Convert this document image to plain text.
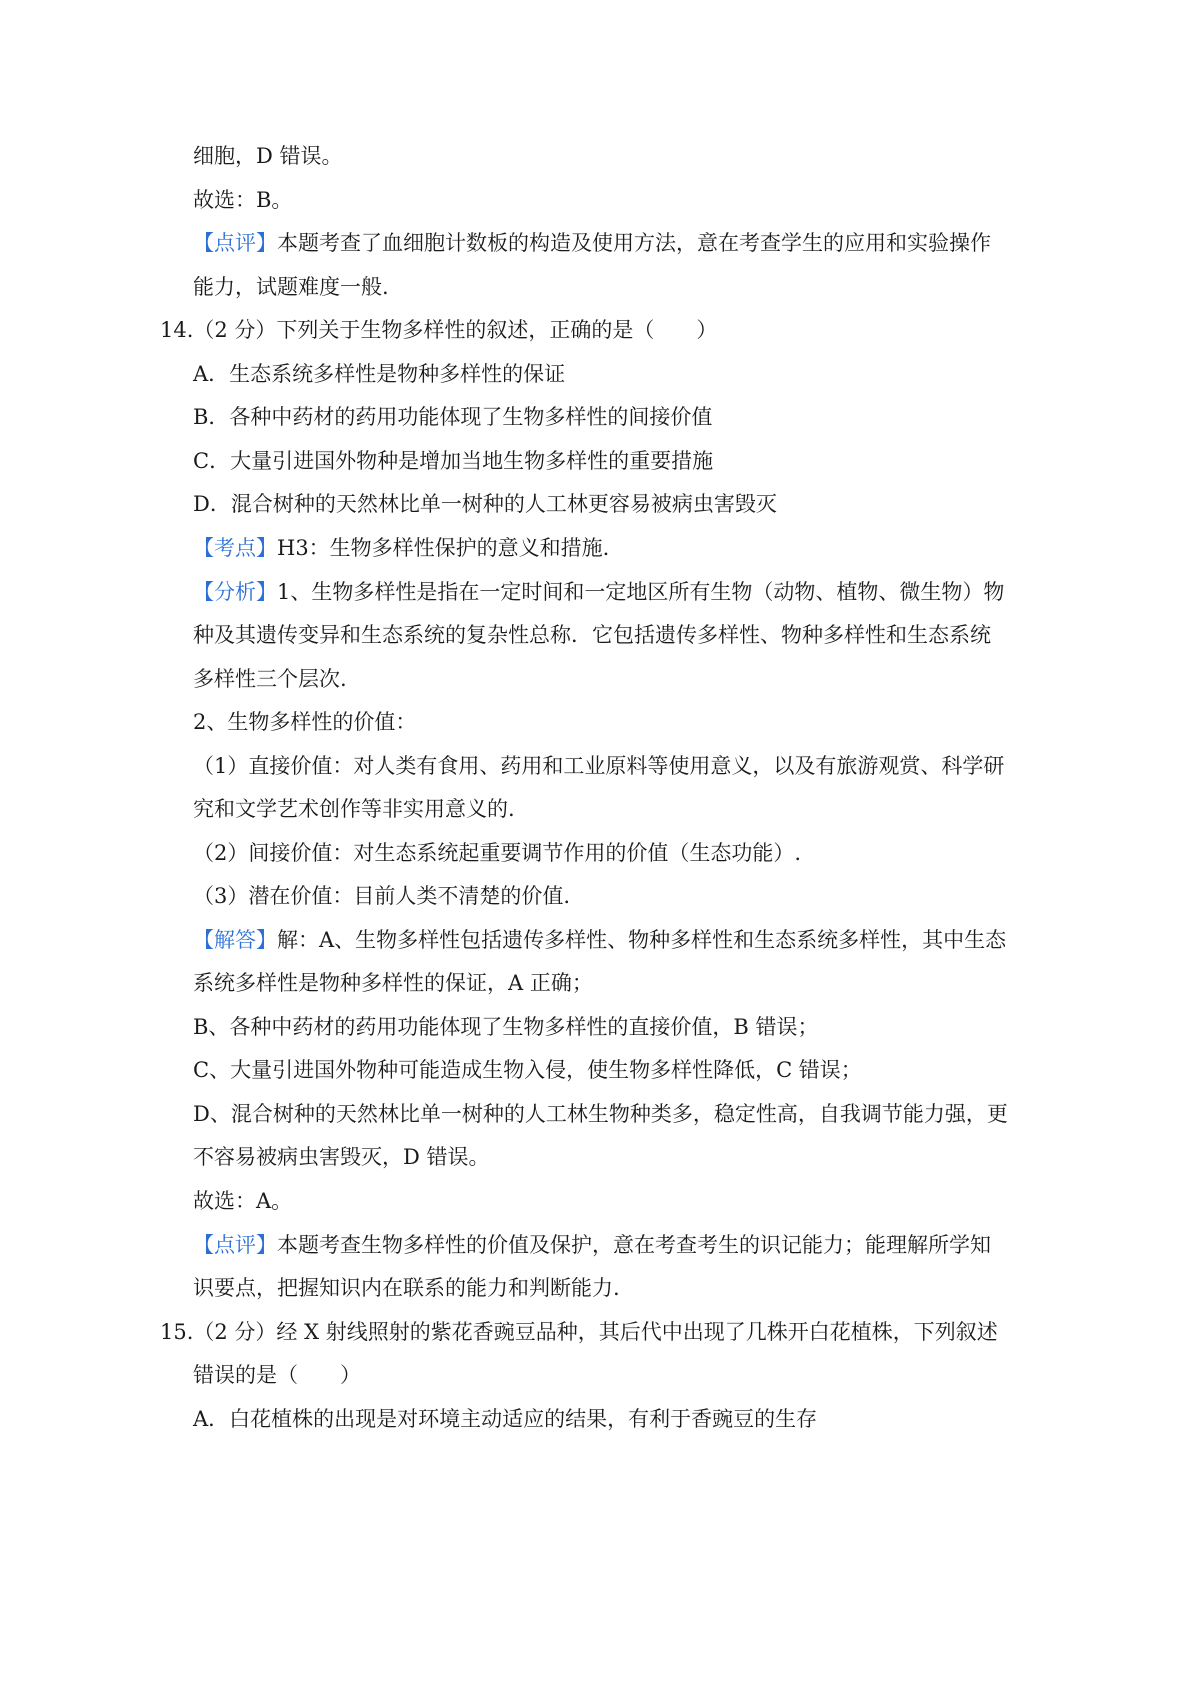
细胞，D 错误。
故选：B。
【点评】本题考查了血细胞计数板的构造及使用方法，意在考查学生的应用和实验操作
能力，试题难度一般.
14.（2 分）下列关于生物多样性的叙述，正确的是（　　）
A．生态系统多样性是物种多样性的保证
B．各种中药材的药用功能体现了生物多样性的间接价值
C．大量引进国外物种是增加当地生物多样性的重要措施
D．混合树种的天然林比单一树种的人工林更容易被病虫害毁灭
【考点】H3：生物多样性保护的意义和措施.
【分析】1、生物多样性是指在一定时间和一定地区所有生物（动物、植物、微生物）物
种及其遗传变异和生态系统的复杂性总称．它包括遗传多样性、物种多样性和生态系统
多样性三个层次.
2、生物多样性的价值：
（1）直接价值：对人类有食用、药用和工业原料等使用意义，以及有旅游观赏、科学研
究和文学艺术创作等非实用意义的.
（2）间接价值：对生态系统起重要调节作用的价值（生态功能）.
（3）潜在价值：目前人类不清楚的价值.
【解答】解：A、生物多样性包括遗传多样性、物种多样性和生态系统多样性，其中生态
系统多样性是物种多样性的保证，A 正确；
B、各种中药材的药用功能体现了生物多样性的直接价值，B 错误；
C、大量引进国外物种可能造成生物入侵，使生物多样性降低，C 错误；
D、混合树种的天然林比单一树种的人工林生物种类多，稳定性高，自我调节能力强，更
不容易被病虫害毁灭，D 错误。
故选：A。
【点评】本题考查生物多样性的价值及保护，意在考查考生的识记能力；能理解所学知
识要点，把握知识内在联系的能力和判断能力.
15.（2 分）经 X 射线照射的紫花香豌豆品种，其后代中出现了几株开白花植株，下列叙述
错误的是（　　）
A．白花植株的出现是对环境主动适应的结果，有利于香豌豆的生存
